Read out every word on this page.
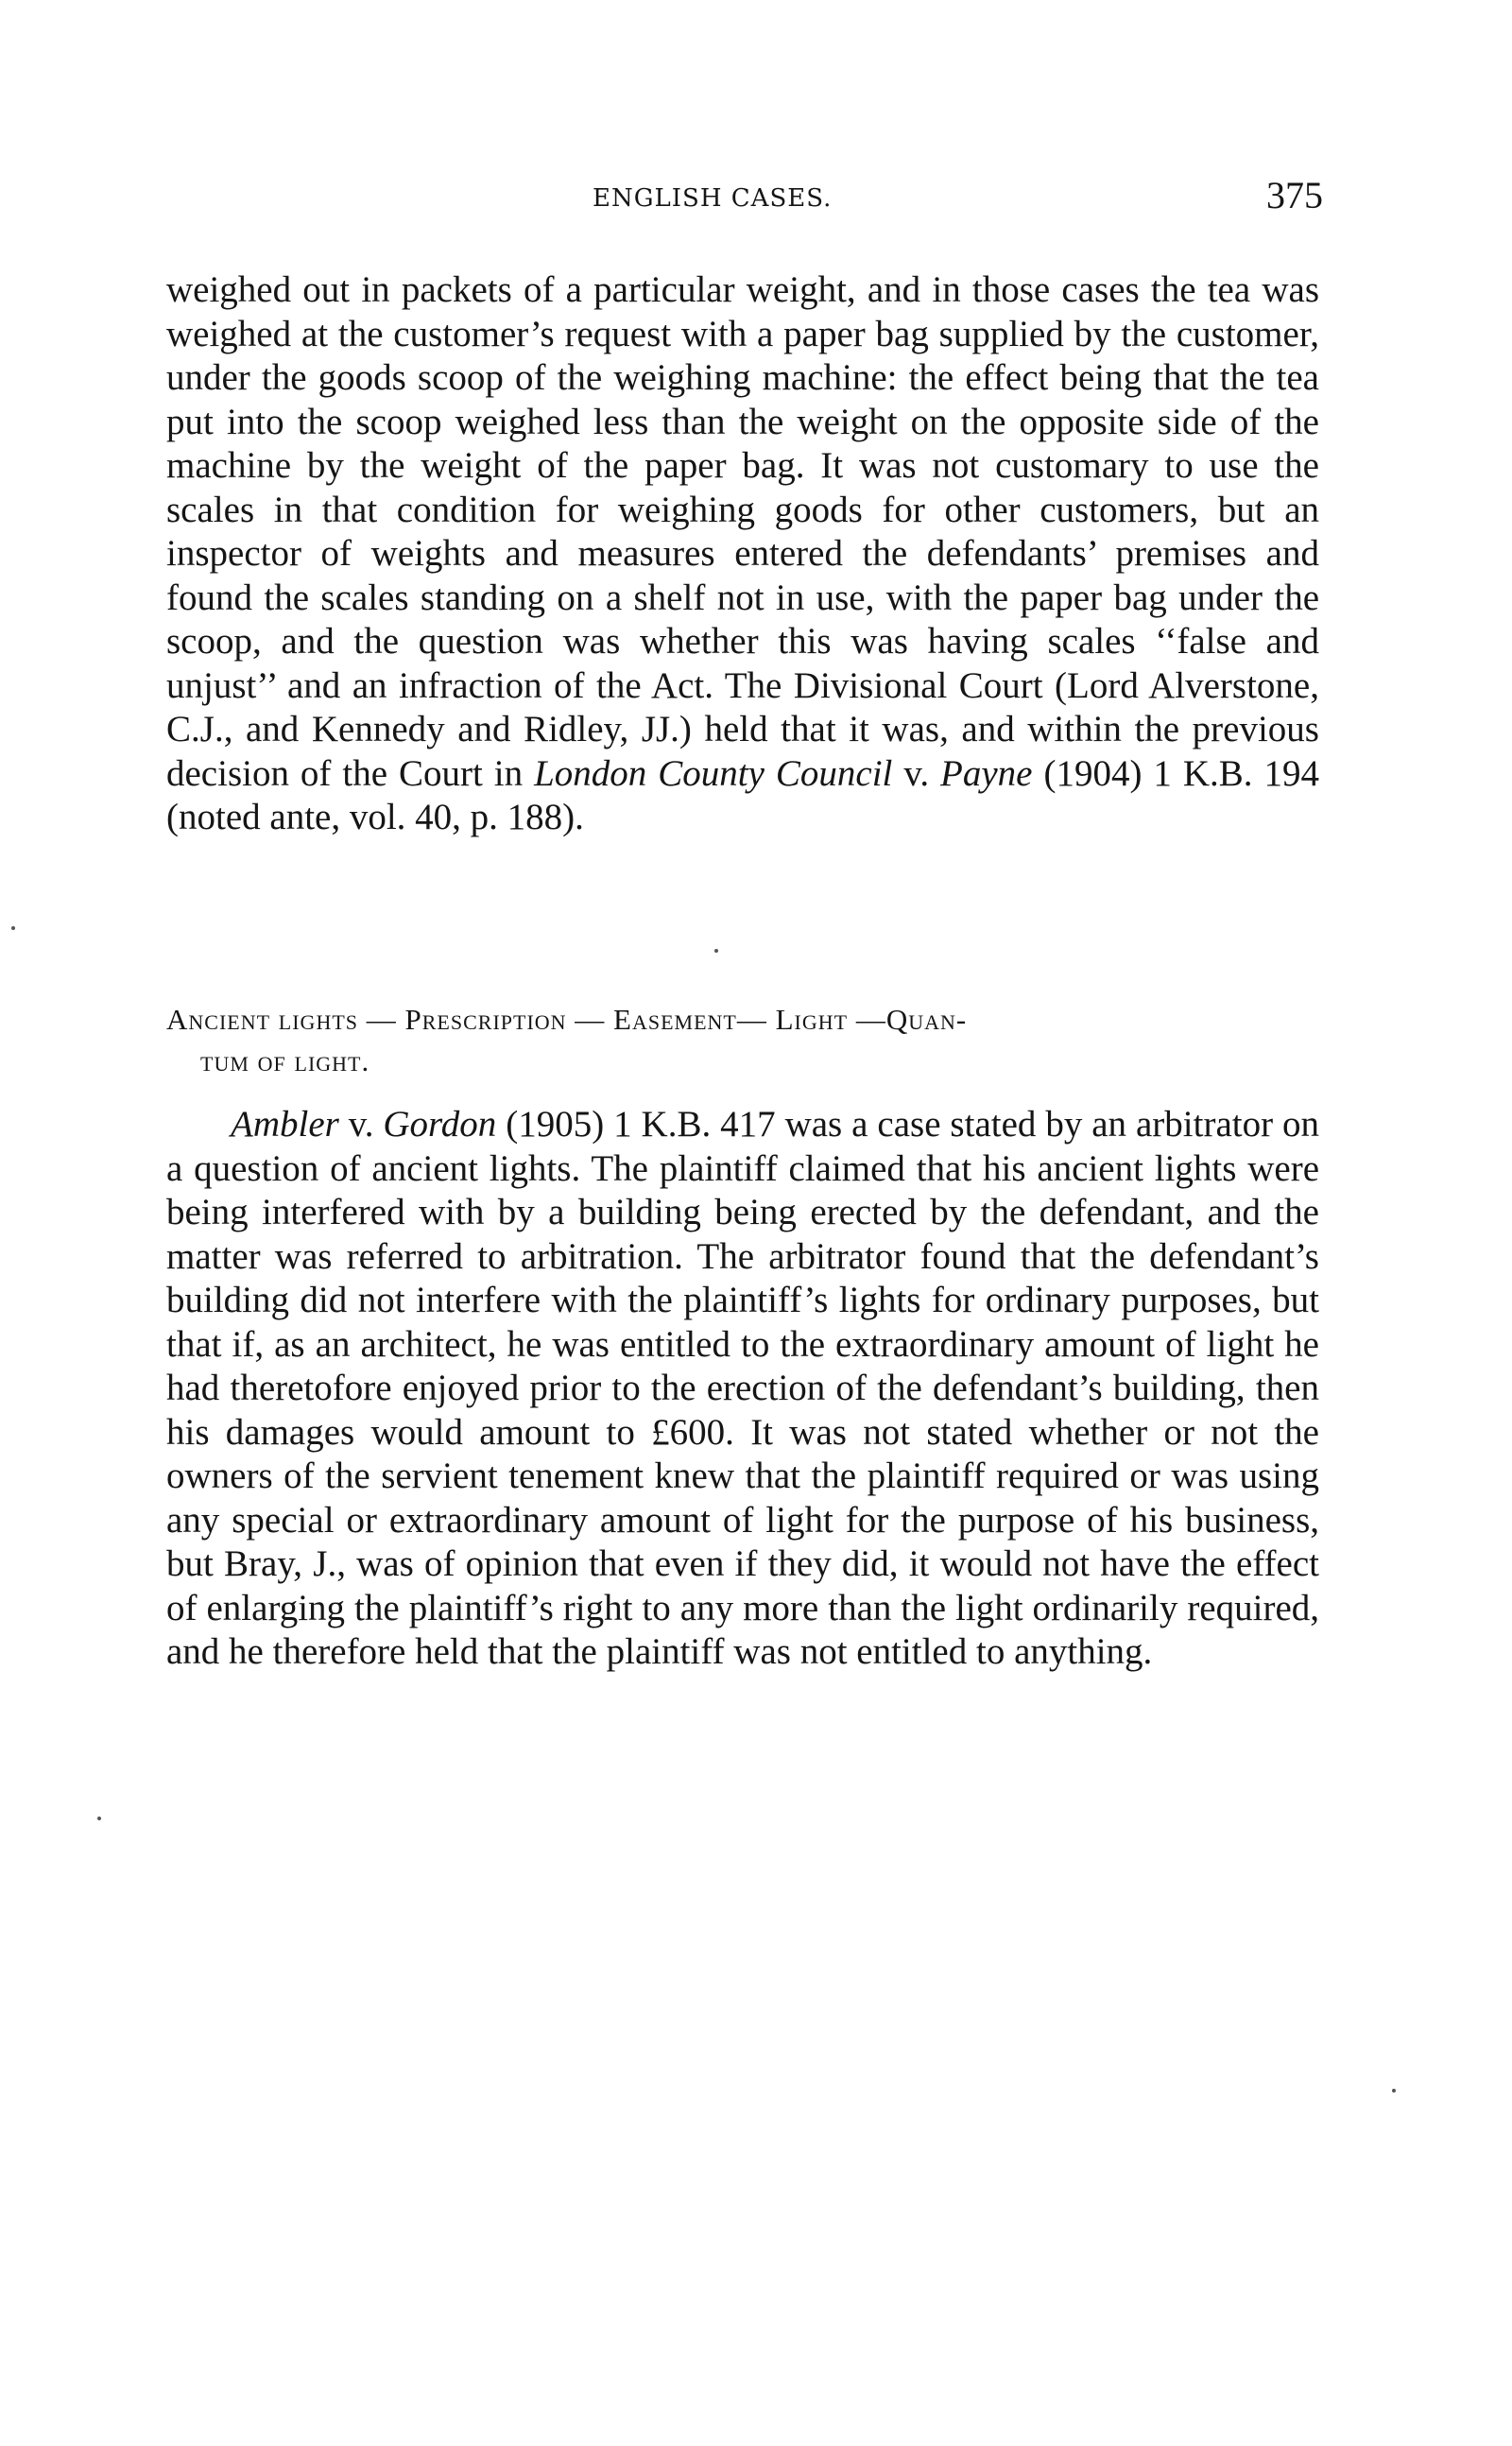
ENGLISH CASES.	375
weighed out in packets of a particular weight, and in those cases the tea was weighed at the customer’s request with a paper bag supplied by the customer, under the goods scoop of the weighing machine: the effect being that the tea put into the scoop weighed less than the weight on the opposite side of the machine by the weight of the paper bag. It was not customary to use the scales in that condition for weighing goods for other customers, but an inspector of weights and measures entered the defendants’ premises and found the scales standing on a shelf not in use, with the paper bag under the scoop, and the question was whether this was having scales ‘‘false and unjust’’ and an infraction of the Act. The Divisional Court (Lord Alverstone, C.J., and Kennedy and Ridley, JJ.) held that it was, and within the previous decision of the Court in London County Council v. Payne (1904) 1 K.B. 194 (noted ante, vol. 40, p. 188).
Ancient lights — Prescription — Easement— Light —Quan-
tum of light.
Ambler v. Gordon (1905) 1 K.B. 417 was a case stated by an arbitrator on a question of ancient lights. The plaintiff claimed that his ancient lights were being interfered with by a building being erected by the defendant, and the matter was referred to arbitration. The arbitrator found that the defendant’s building did not interfere with the plaintiff’s lights for ordinary purposes, but that if, as an architect, he was entitled to the extraordinary amount of light he had theretofore enjoyed prior to the erection of the defendant’s building, then his damages would amount to £600. It was not stated whether or not the owners of the servient tenement knew that the plaintiff required or was using any special or extraordinary amount of light for the purpose of his business, but Bray, J., was of opinion that even if they did, it would not have the effect of enlarging the plaintiff’s right to any more than the light ordinarily required, and he therefore held that the plaintiff was not entitled to anything.
